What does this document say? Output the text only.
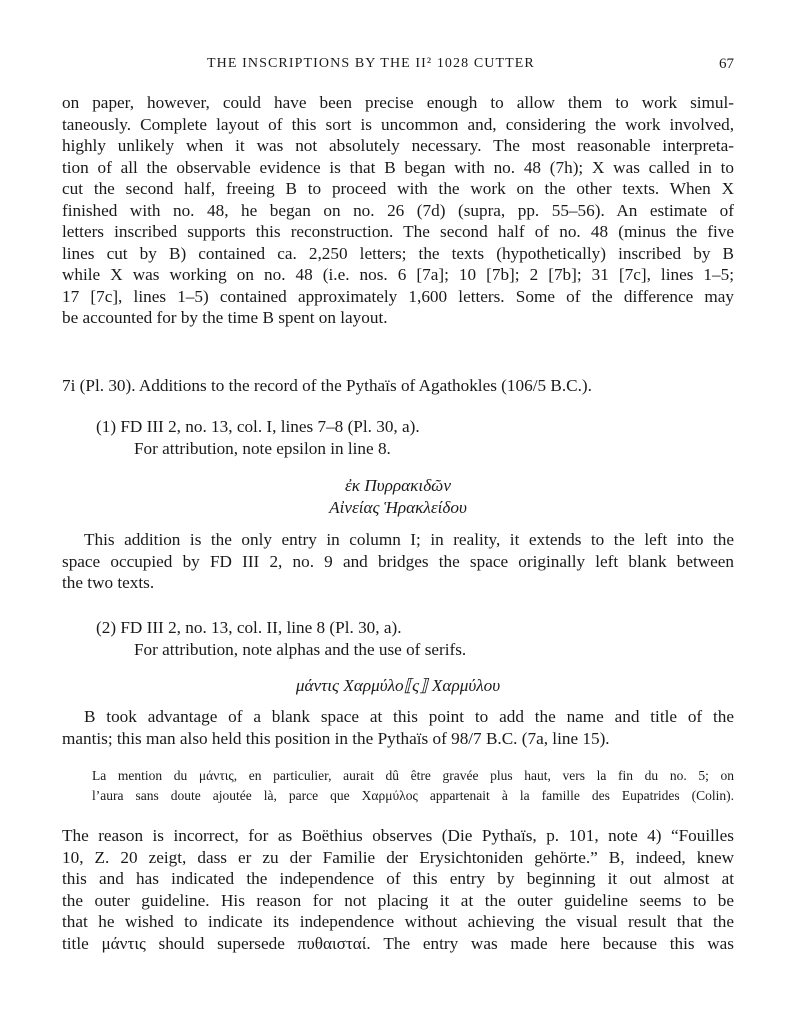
THE INSCRIPTIONS BY THE II² 1028 CUTTER	67
on paper, however, could have been precise enough to allow them to work simul-
taneously. Complete layout of this sort is uncommon and, considering the work involved,
highly unlikely when it was not absolutely necessary. The most reasonable interpreta-
tion of all the observable evidence is that B began with no. 48 (7h); X was called in to
cut the second half, freeing B to proceed with the work on the other texts. When X
finished with no. 48, he began on no. 26 (7d) (supra, pp. 55–56). An estimate of
letters inscribed supports this reconstruction. The second half of no. 48 (minus the five
lines cut by B) contained ca. 2,250 letters; the texts (hypothetically) inscribed by B
while X was working on no. 48 (i.e. nos. 6 [7a]; 10 [7b]; 2 [7b]; 31 [7c], lines 1–5;
17 [7c], lines 1–5) contained approximately 1,600 letters. Some of the difference may
be accounted for by the time B spent on layout.
7i (Pl. 30). Additions to the record of the Pythaïs of Agathokles (106/5 B.C.).
(1) FD III 2, no. 13, col. I, lines 7–8 (Pl. 30, a).
For attribution, note epsilon in line 8.
ἐκ Πυρρακιδῶν
Αἰνείας Ἡρακλείδου
This addition is the only entry in column I; in reality, it extends to the left into the
space occupied by FD III 2, no. 9 and bridges the space originally left blank between
the two texts.
(2) FD III 2, no. 13, col. II, line 8 (Pl. 30, a).
For attribution, note alphas and the use of serifs.
μάντις Χαρμύλο⟦ς⟧ Χαρμύλου
B took advantage of a blank space at this point to add the name and title of the
mantis; this man also held this position in the Pythaïs of 98/7 B.C. (7a, line 15).
La mention du μάντις, en particulier, aurait dû être gravée plus haut, vers la fin du no. 5; on
l’aura sans doute ajoutée là, parce que Χαρμύλος appartenait à la famille des Eupatrides (Colin).
The reason is incorrect, for as Boëthius observes (Die Pythaïs, p. 101, note 4) “Fouilles
10, Z. 20 zeigt, dass er zu der Familie der Erysichtoniden gehörte.” B, indeed, knew
this and has indicated the independence of this entry by beginning it out almost at
the outer guideline. His reason for not placing it at the outer guideline seems to be
that he wished to indicate its independence without achieving the visual result that the
title μάντις should supersede πυθαισταί. The entry was made here because this was
